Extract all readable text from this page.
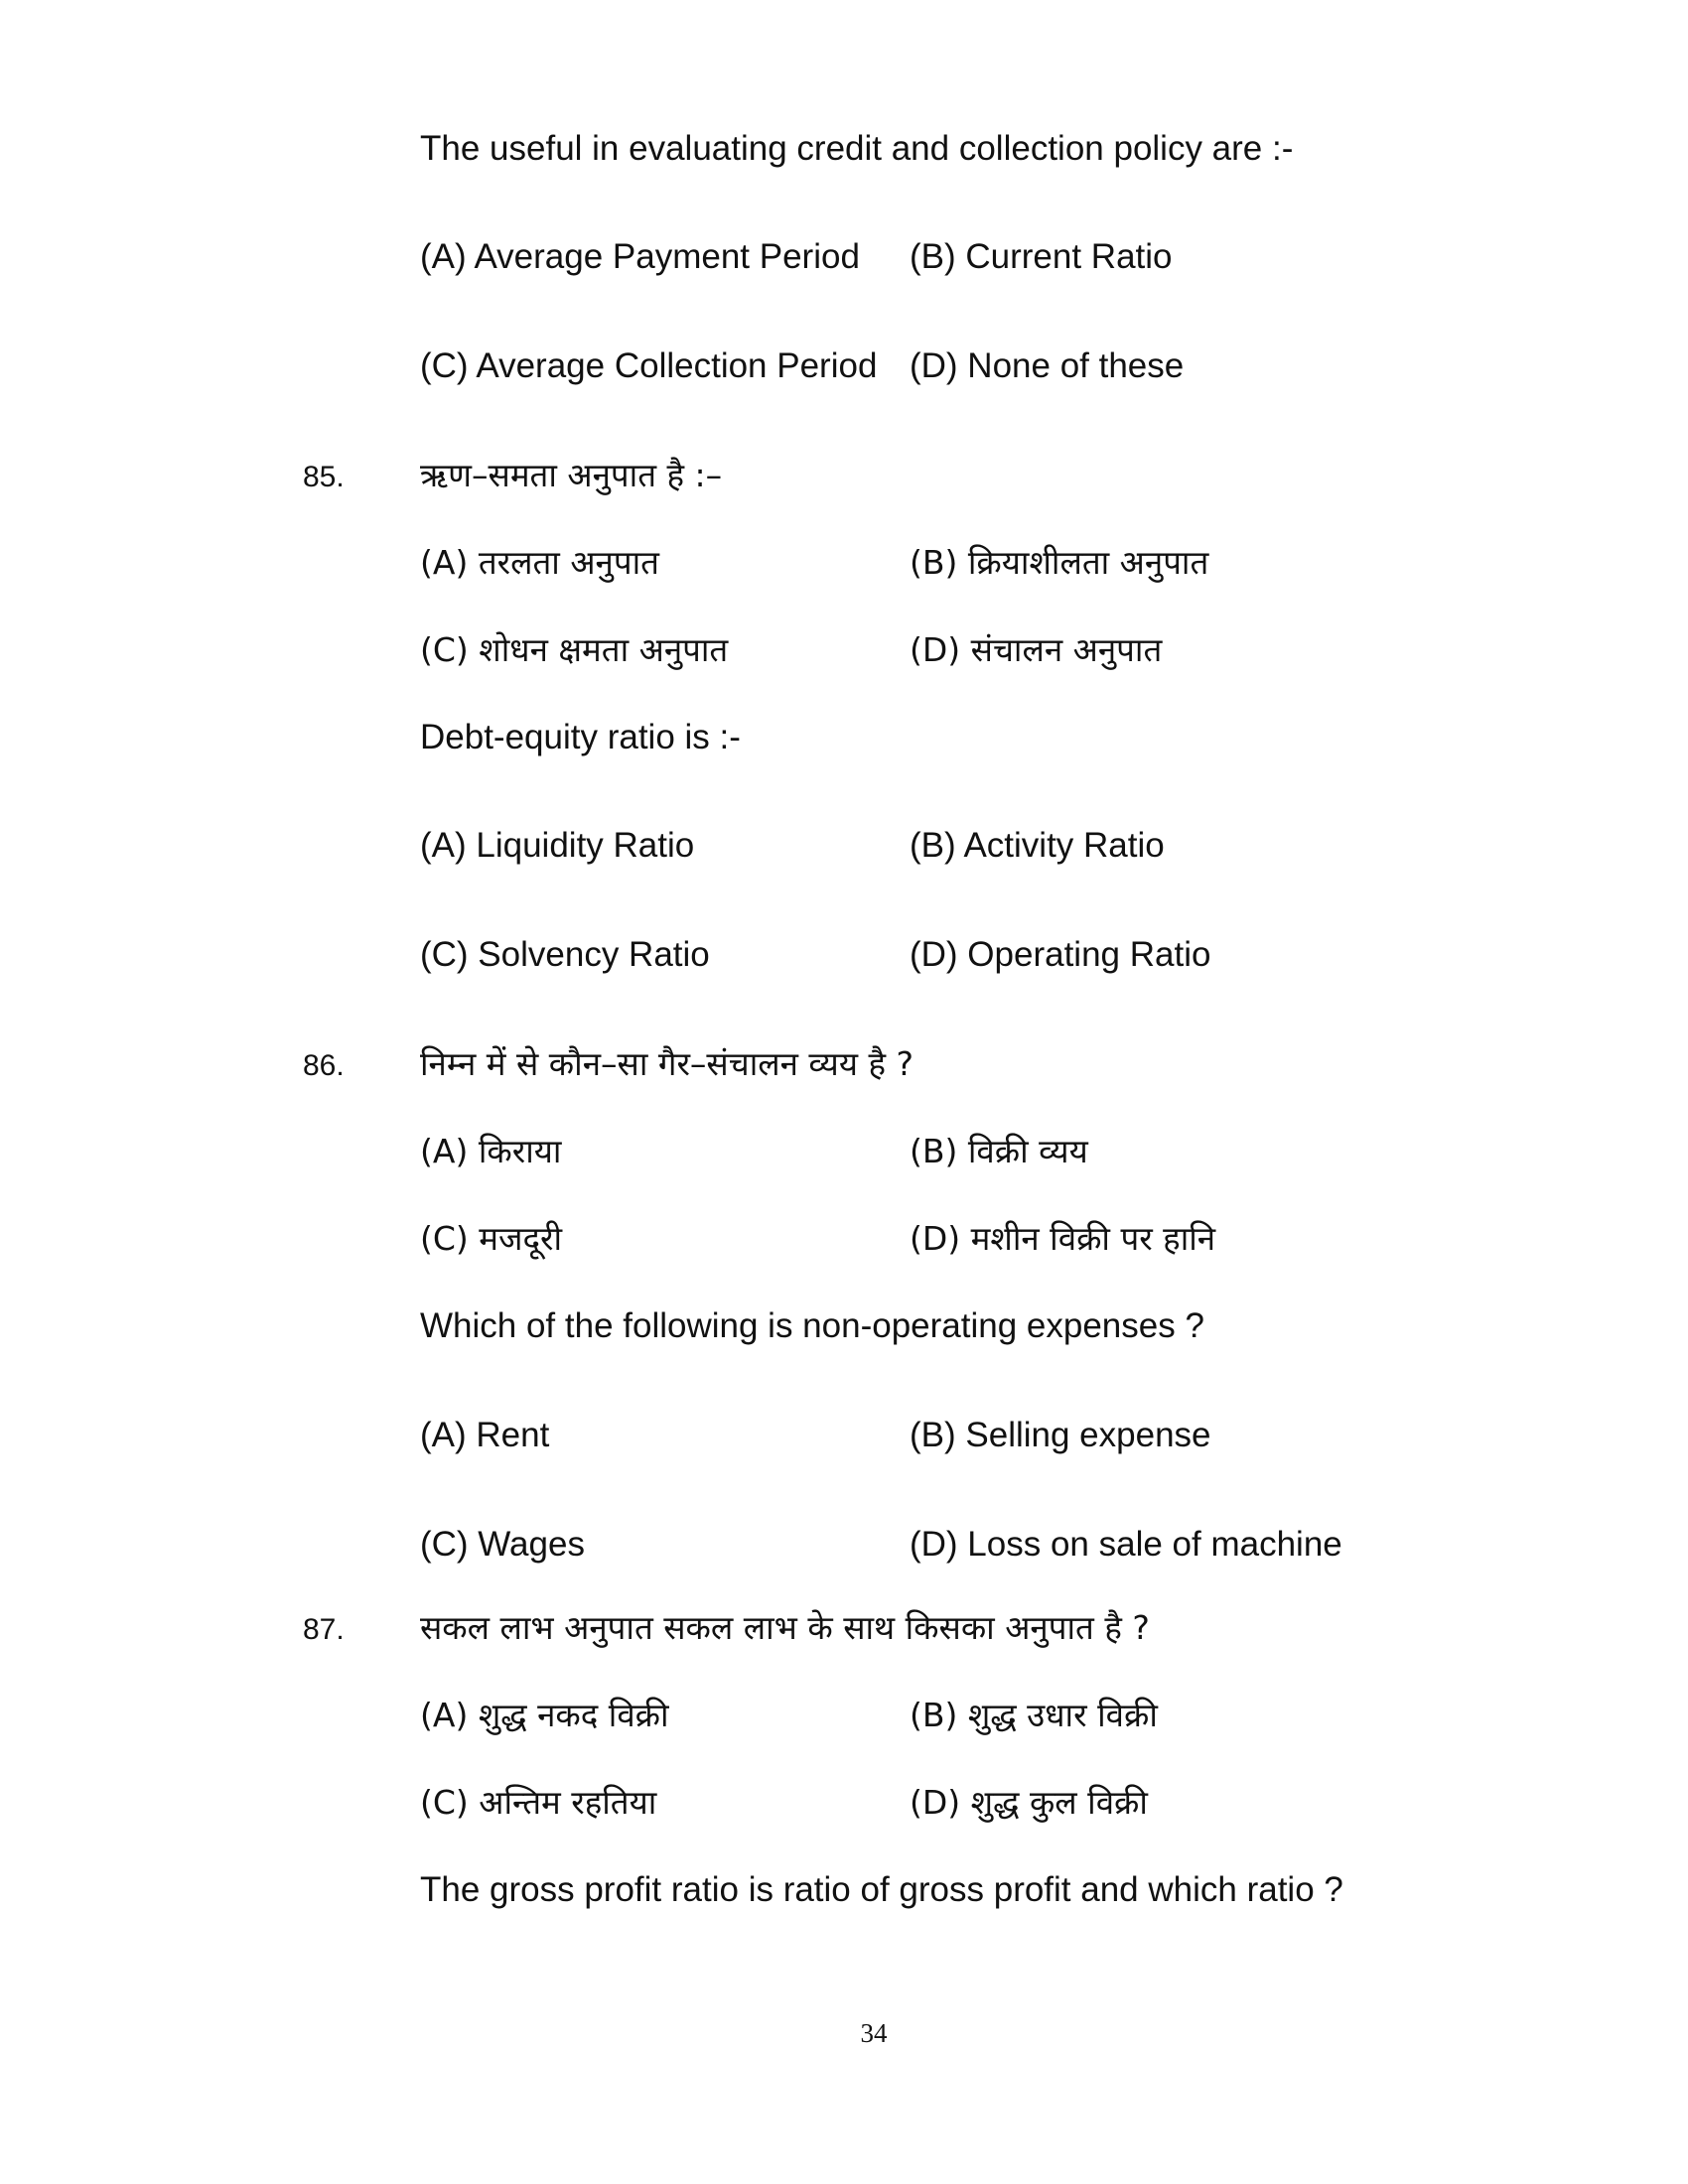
The useful in evaluating credit and collection policy are :-
(A) Average Payment Period (B) Current Ratio
(C) Average Collection Period (D) None of these
85. ऋण–समता अनुपात है :–
(A) तरलता अनुपात	(B) क्रियाशीलता अनुपात
(C) शोधन क्षमता अनुपात	(D) संचालन अनुपात
Debt-equity ratio is :-
(A) Liquidity Ratio	(B) Activity Ratio
(C) Solvency Ratio	(D) Operating Ratio
86. निम्न में से कौन–सा गैर–संचालन व्यय है ?
(A) किराया	(B) विक्री व्यय
(C) मजदूरी	(D) मशीन विक्री पर हानि
Which of the following is non-operating expenses ?
(A) Rent	(B) Selling expense
(C) Wages	(D) Loss on sale of machine
87. सकल लाभ अनुपात सकल लाभ के साथ किसका अनुपात है ?
(A) शुद्ध नकद विक्री	(B) शुद्ध उधार विक्री
(C) अन्तिम रहतिया	(D) शुद्ध कुल विक्री
The gross profit ratio is ratio of gross profit and which ratio ?
34
